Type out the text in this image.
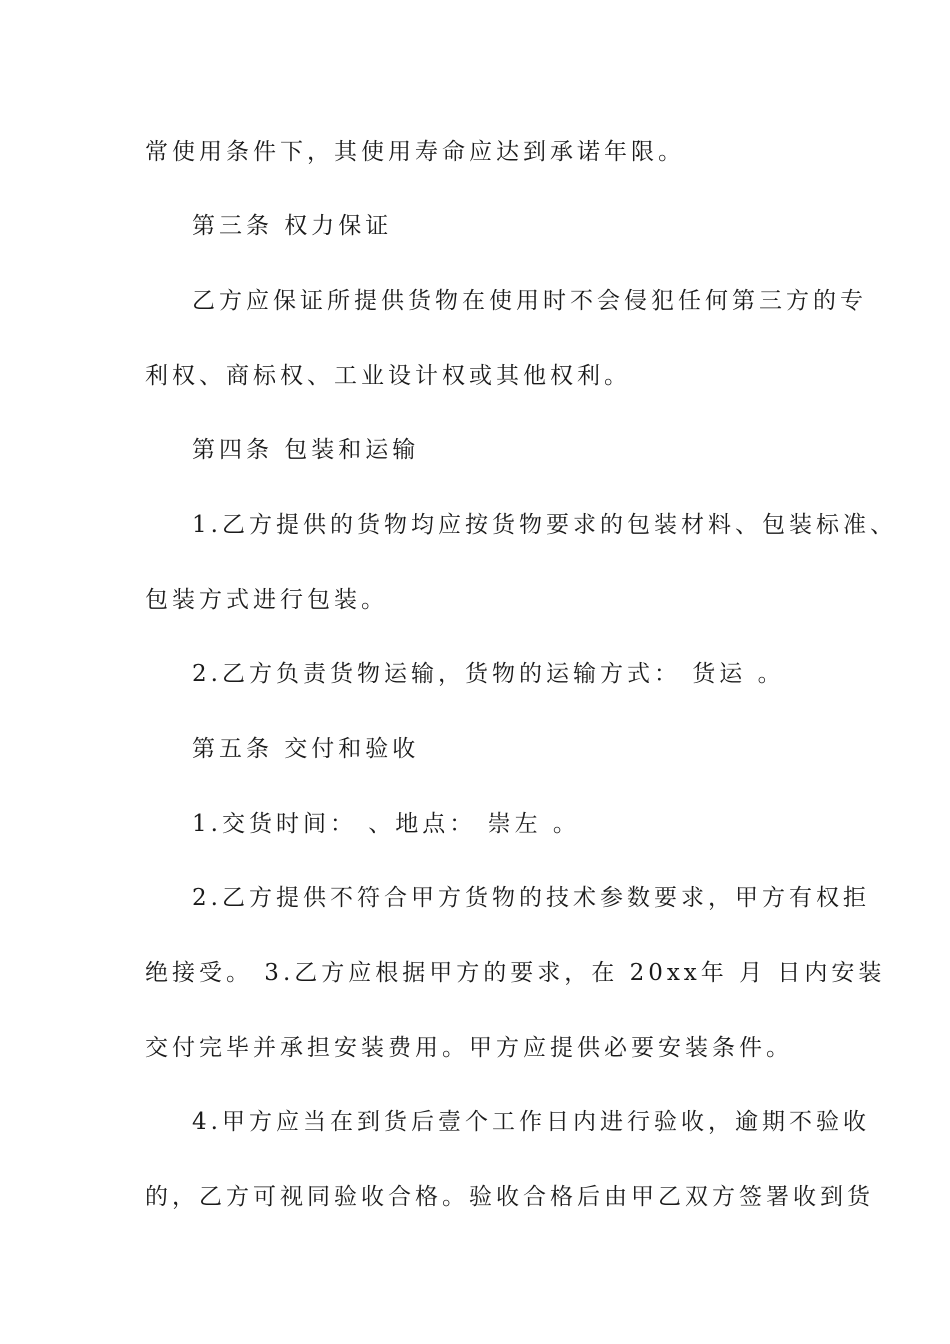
常使用条件下，其使用寿命应达到承诺年限。
第三条 权力保证
乙方应保证所提供货物在使用时不会侵犯任何第三方的专
利权、商标权、工业设计权或其他权利。
第四条 包装和运输
1.乙方提供的货物均应按货物要求的包装材料、包装标准、
包装方式进行包装。
2.乙方负责货物运输，货物的运输方式： 货运 。
第五条 交付和验收
1.交货时间： 、地点： 崇左 。
2.乙方提供不符合甲方货物的技术参数要求，甲方有权拒
绝接受。 3.乙方应根据甲方的要求，在 20xx年 月 日内安装
交付完毕并承担安装费用。甲方应提供必要安装条件。
4.甲方应当在到货后壹个工作日内进行验收，逾期不验收
的，乙方可视同验收合格。验收合格后由甲乙双方签署收到货
